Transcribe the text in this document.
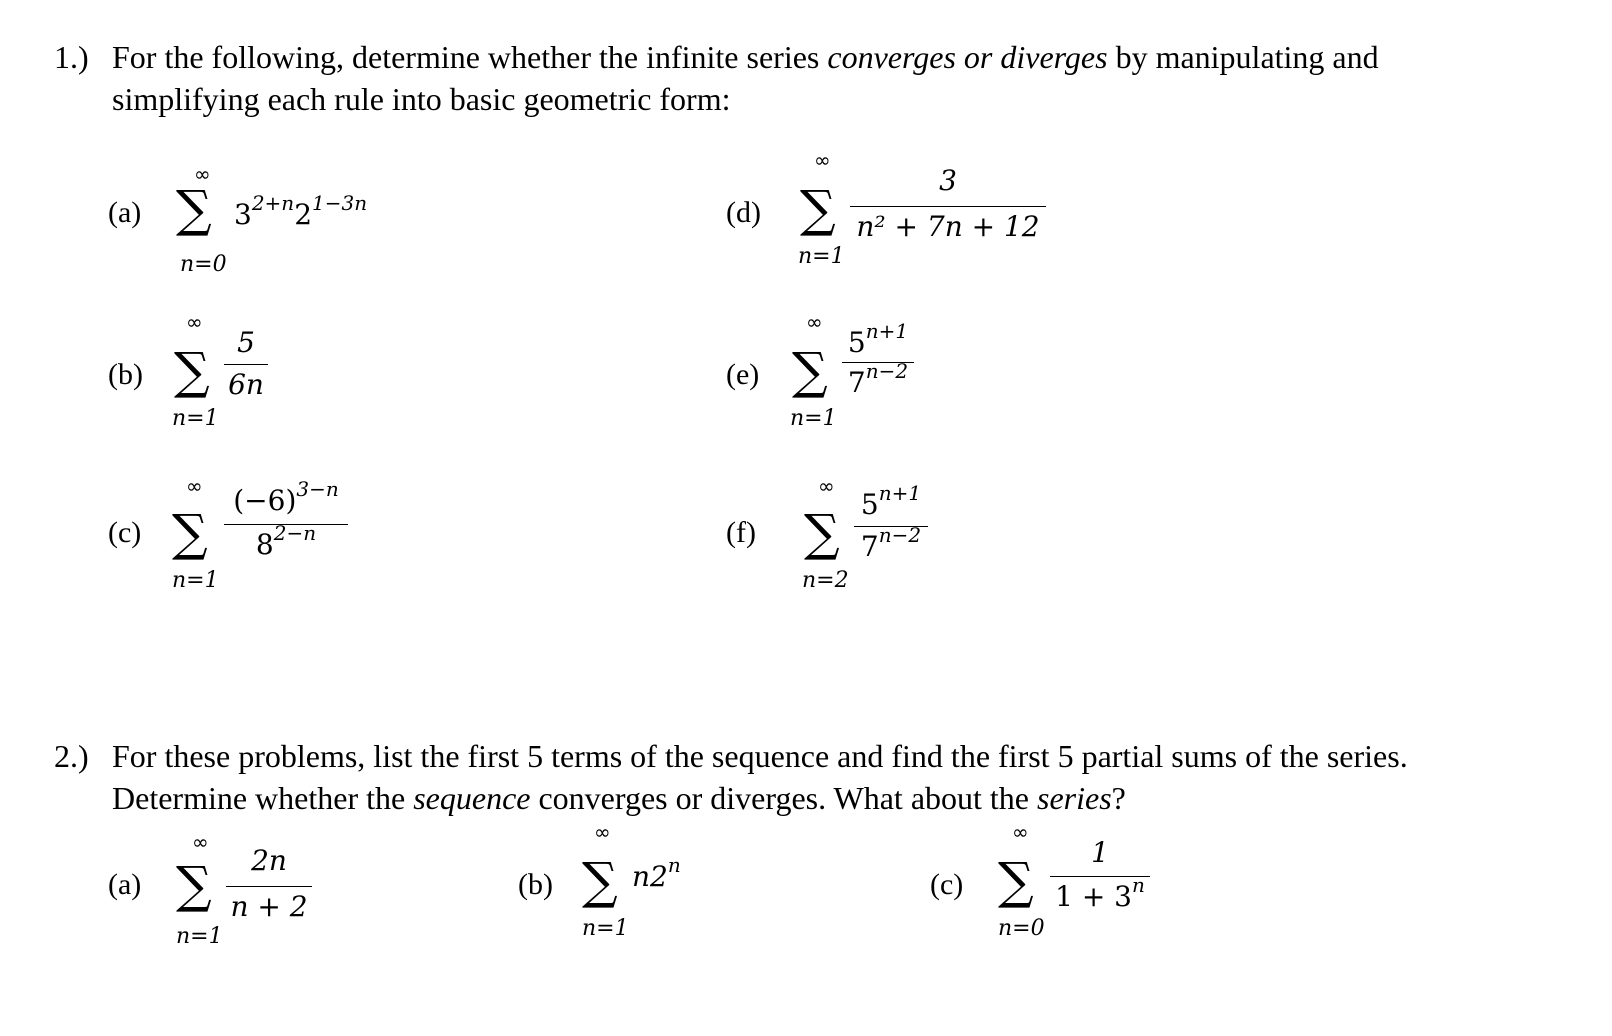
1.) For the following, determine whether the infinite series converges or diverges by manipulating and
simplifying each rule into basic geometric form:
(a)
∞
∑
n=0
$3^{2+n}2^{1-3n}$
(b)
∞
∑
n=1
5
6n
(c)
∞
∑
n=1
$(-6)^{3-n}$
$8^{2-n}$
(d)
∞
∑
n=1
3
n² + 7n + 12
(e)
∞
∑
n=1
$5^{n+1}$
$7^{n-2}$
(f)
∞
∑
n=2
$5^{n+1}$
$7^{n-2}$
2.) For these problems, list the first 5 terms of the sequence and find the first 5 partial sums of the series.
Determine whether the sequence converges or diverges. What about the series?
(a)
∞
∑
n=1
2n
n + 2
(b)
∞
∑
n=1
n2$^n$
(c)
∞
∑
n=0
1
$1 + 3^n$
